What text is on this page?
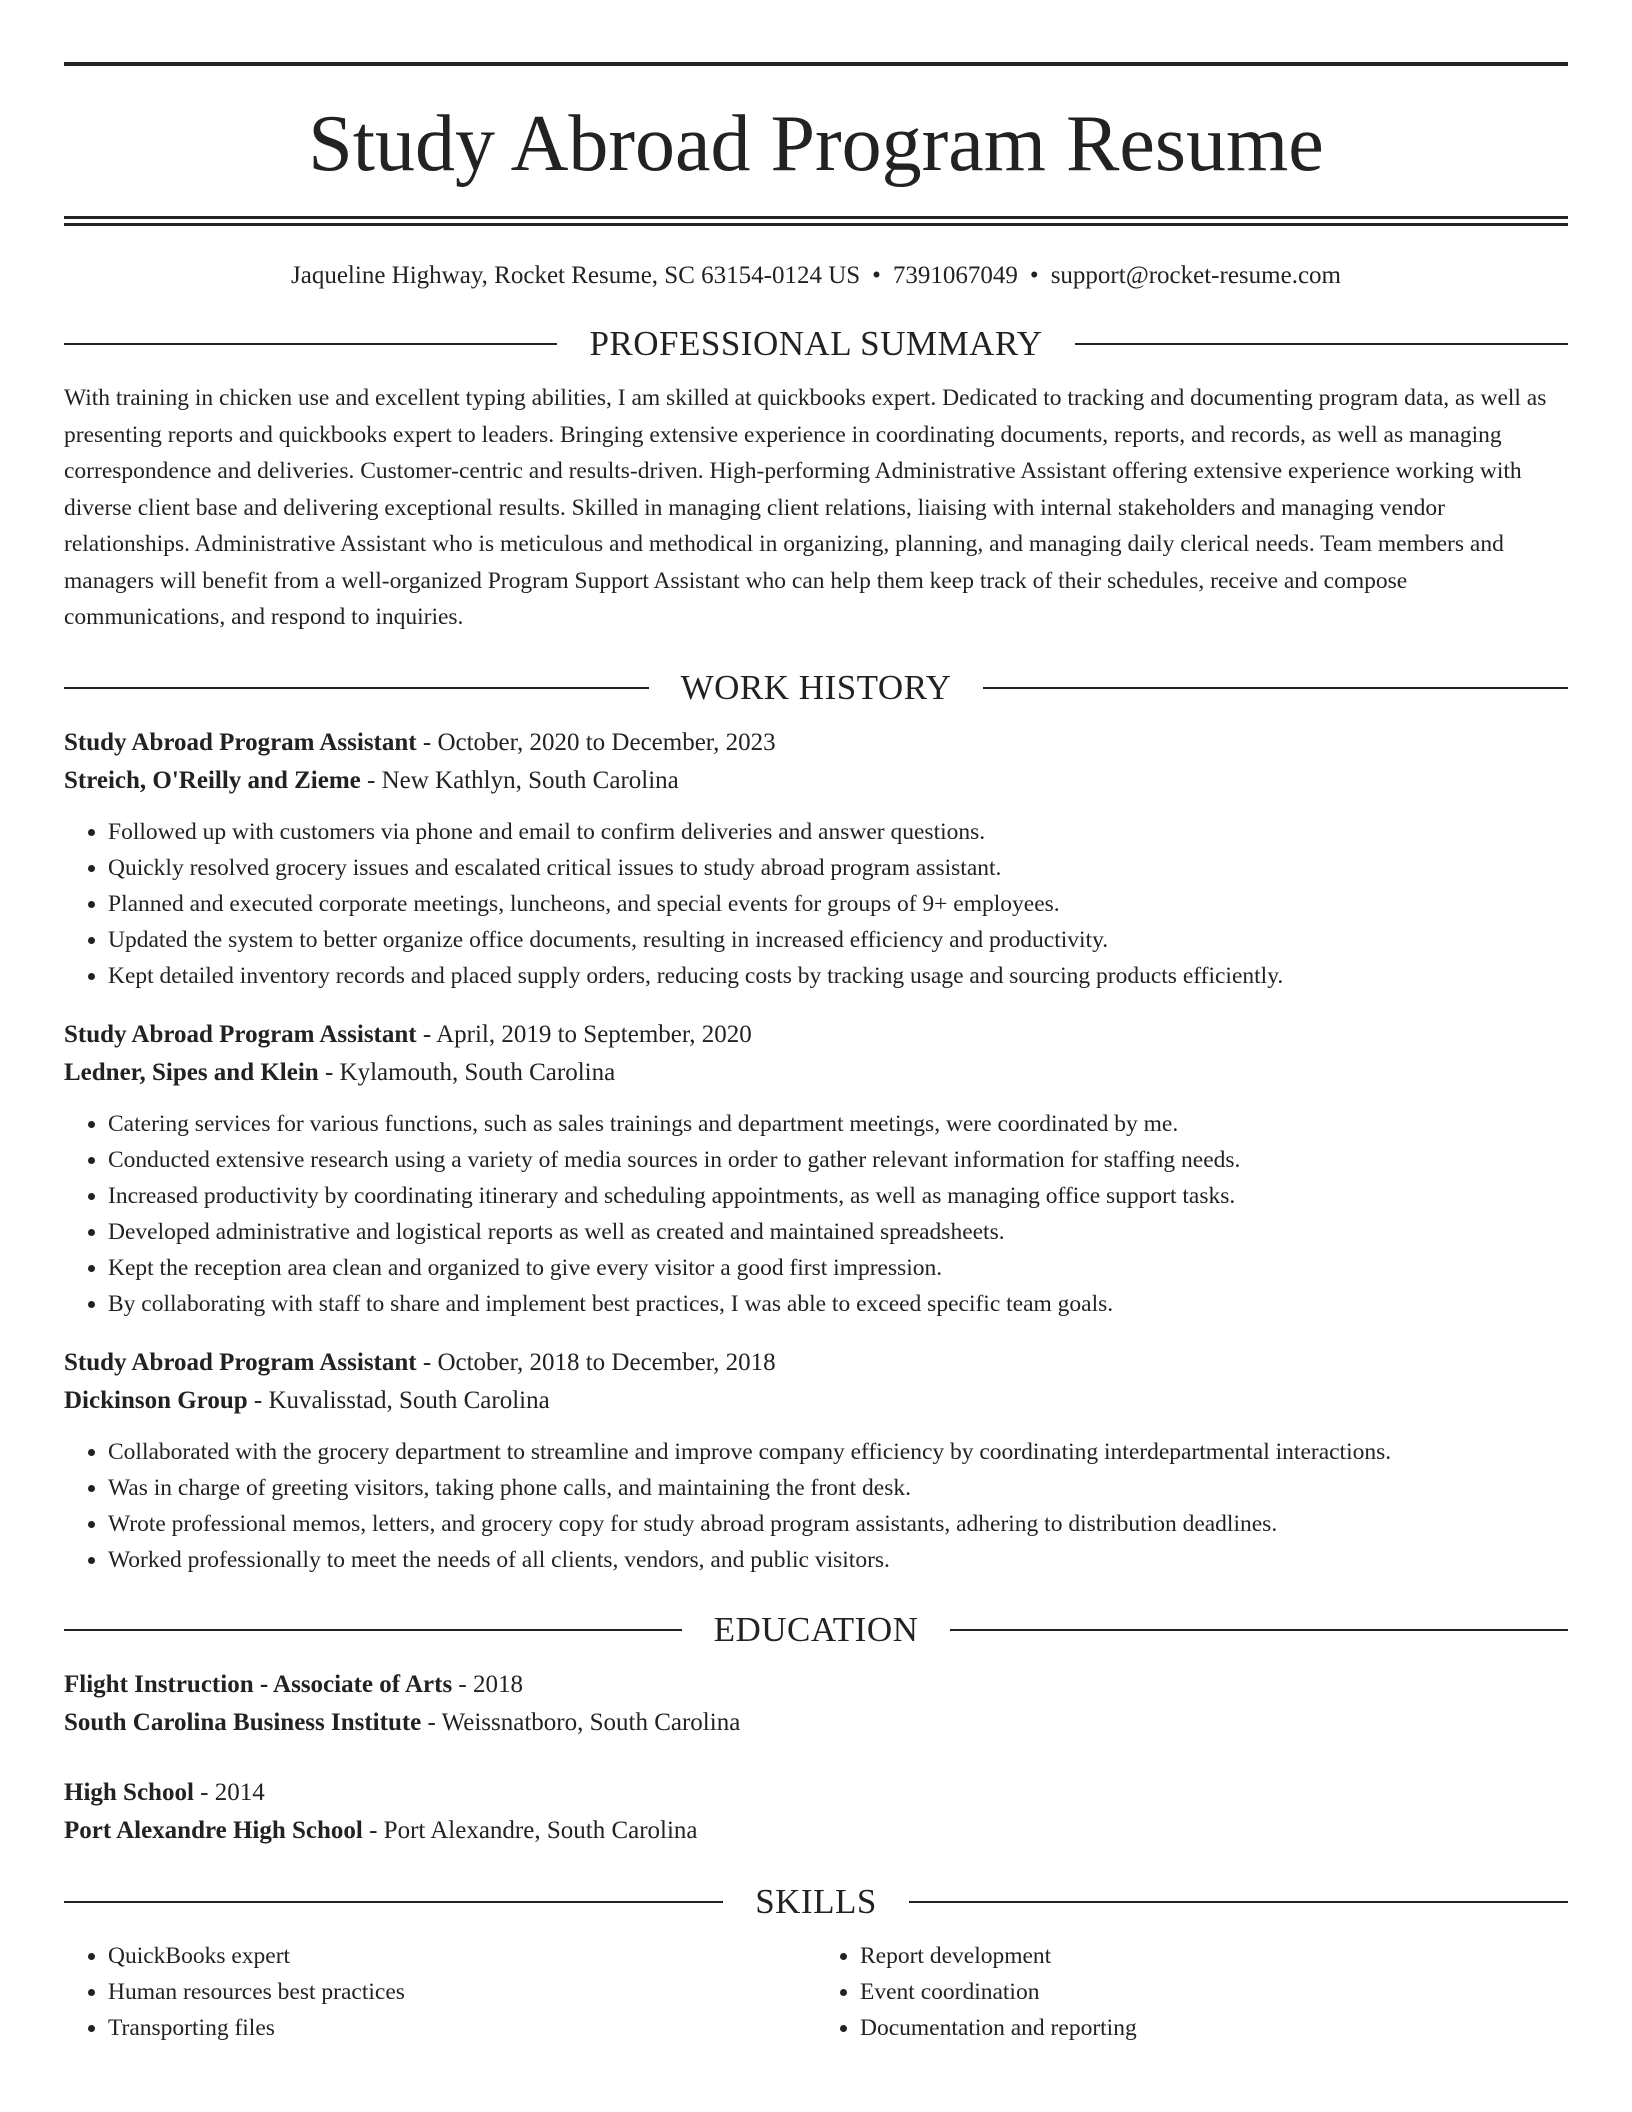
Study Abroad Program Resume
Jaqueline Highway, Rocket Resume, SC 63154-0124 US • 7391067049 • support@rocket-resume.com
PROFESSIONAL SUMMARY

With training in chicken use and excellent typing abilities, I am skilled at quickbooks expert. Dedicated to tracking and documenting program data, as well as presenting reports and quickbooks expert to leaders. Bringing extensive experience in coordinating documents, reports, and records, as well as managing correspondence and deliveries. Customer-centric and results-driven. High-performing Administrative Assistant offering extensive experience working with diverse client base and delivering exceptional results. Skilled in managing client relations, liaising with internal stakeholders and managing vendor relationships. Administrative Assistant who is meticulous and methodical in organizing, planning, and managing daily clerical needs. Team members and managers will benefit from a well-organized Program Support Assistant who can help them keep track of their schedules, receive and compose communications, and respond to inquiries.

WORK HISTORY
Study Abroad Program Assistant - October, 2020 to December, 2023
Streich, O'Reilly and Zieme - New Kathlyn, South Carolina
• Followed up with customers via phone and email to confirm deliveries and answer questions.
• Quickly resolved grocery issues and escalated critical issues to study abroad program assistant.
• Planned and executed corporate meetings, luncheons, and special events for groups of 9+ employees.
• Updated the system to better organize office documents, resulting in increased efficiency and productivity.
• Kept detailed inventory records and placed supply orders, reducing costs by tracking usage and sourcing products efficiently.
Study Abroad Program Assistant - April, 2019 to September, 2020
Ledner, Sipes and Klein - Kylamouth, South Carolina
• Catering services for various functions, such as sales trainings and department meetings, were coordinated by me.
• Conducted extensive research using a variety of media sources in order to gather relevant information for staffing needs.
• Increased productivity by coordinating itinerary and scheduling appointments, as well as managing office support tasks.
• Developed administrative and logistical reports as well as created and maintained spreadsheets.
• Kept the reception area clean and organized to give every visitor a good first impression.
• By collaborating with staff to share and implement best practices, I was able to exceed specific team goals.
Study Abroad Program Assistant - October, 2018 to December, 2018
Dickinson Group - Kuvalisstad, South Carolina
• Collaborated with the grocery department to streamline and improve company efficiency by coordinating interdepartmental interactions.
• Was in charge of greeting visitors, taking phone calls, and maintaining the front desk.
• Wrote professional memos, letters, and grocery copy for study abroad program assistants, adhering to distribution deadlines.
• Worked professionally to meet the needs of all clients, vendors, and public visitors.
EDUCATION
Flight Instruction - Associate of Arts - 2018
South Carolina Business Institute - Weissnatboro, South Carolina
High School - 2014
Port Alexandre High School - Port Alexandre, South Carolina
SKILLS
• QuickBooks expert
• Human resources best practices
• Transporting files
• Report development
• Event coordination
• Documentation and reporting
